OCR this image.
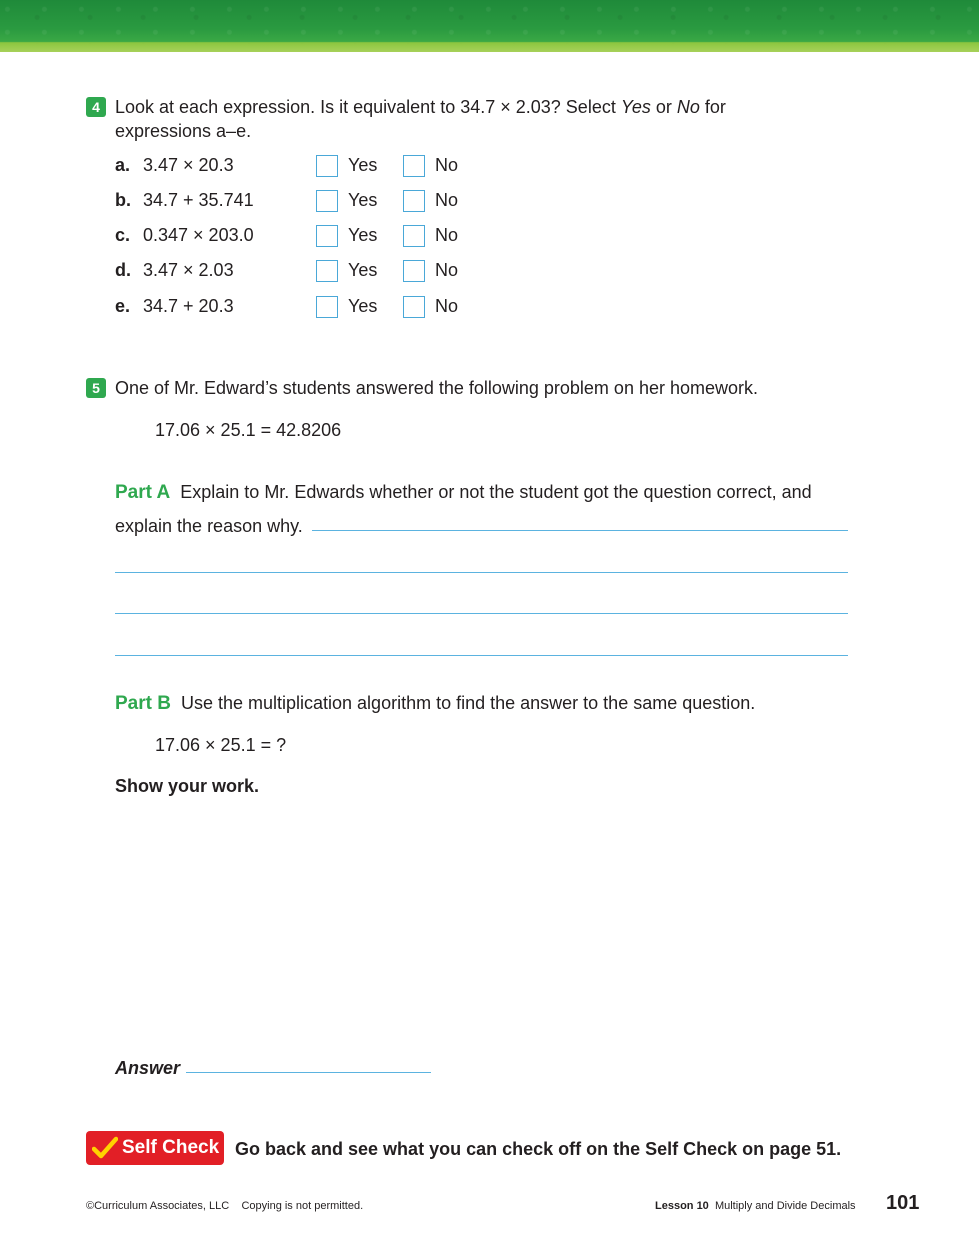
4 Look at each expression. Is it equivalent to 34.7 × 2.03? Select Yes or No for
expressions a–e.
a. 3.47 × 20.3	Yes	No
b. 34.7 + 35.741	Yes	No
c. 0.347 × 203.0	Yes	No
d. 3.47 × 2.03	Yes	No
e. 34.7 + 20.3	Yes	No
5 One of Mr. Edward’s students answered the following problem on her homework.
17.06 × 25.1 = 42.8206
Part A Explain to Mr. Edwards whether or not the student got the question correct, and
explain the reason why.
Part B Use the multiplication algorithm to find the answer to the same question.
17.06 × 25.1 = ?
Show your work.
Answer
Self Check Go back and see what you can check off on the Self Check on page 51.
©Curriculum Associates, LLC Copying is not permitted.	Lesson 10 Multiply and Divide Decimals 101
